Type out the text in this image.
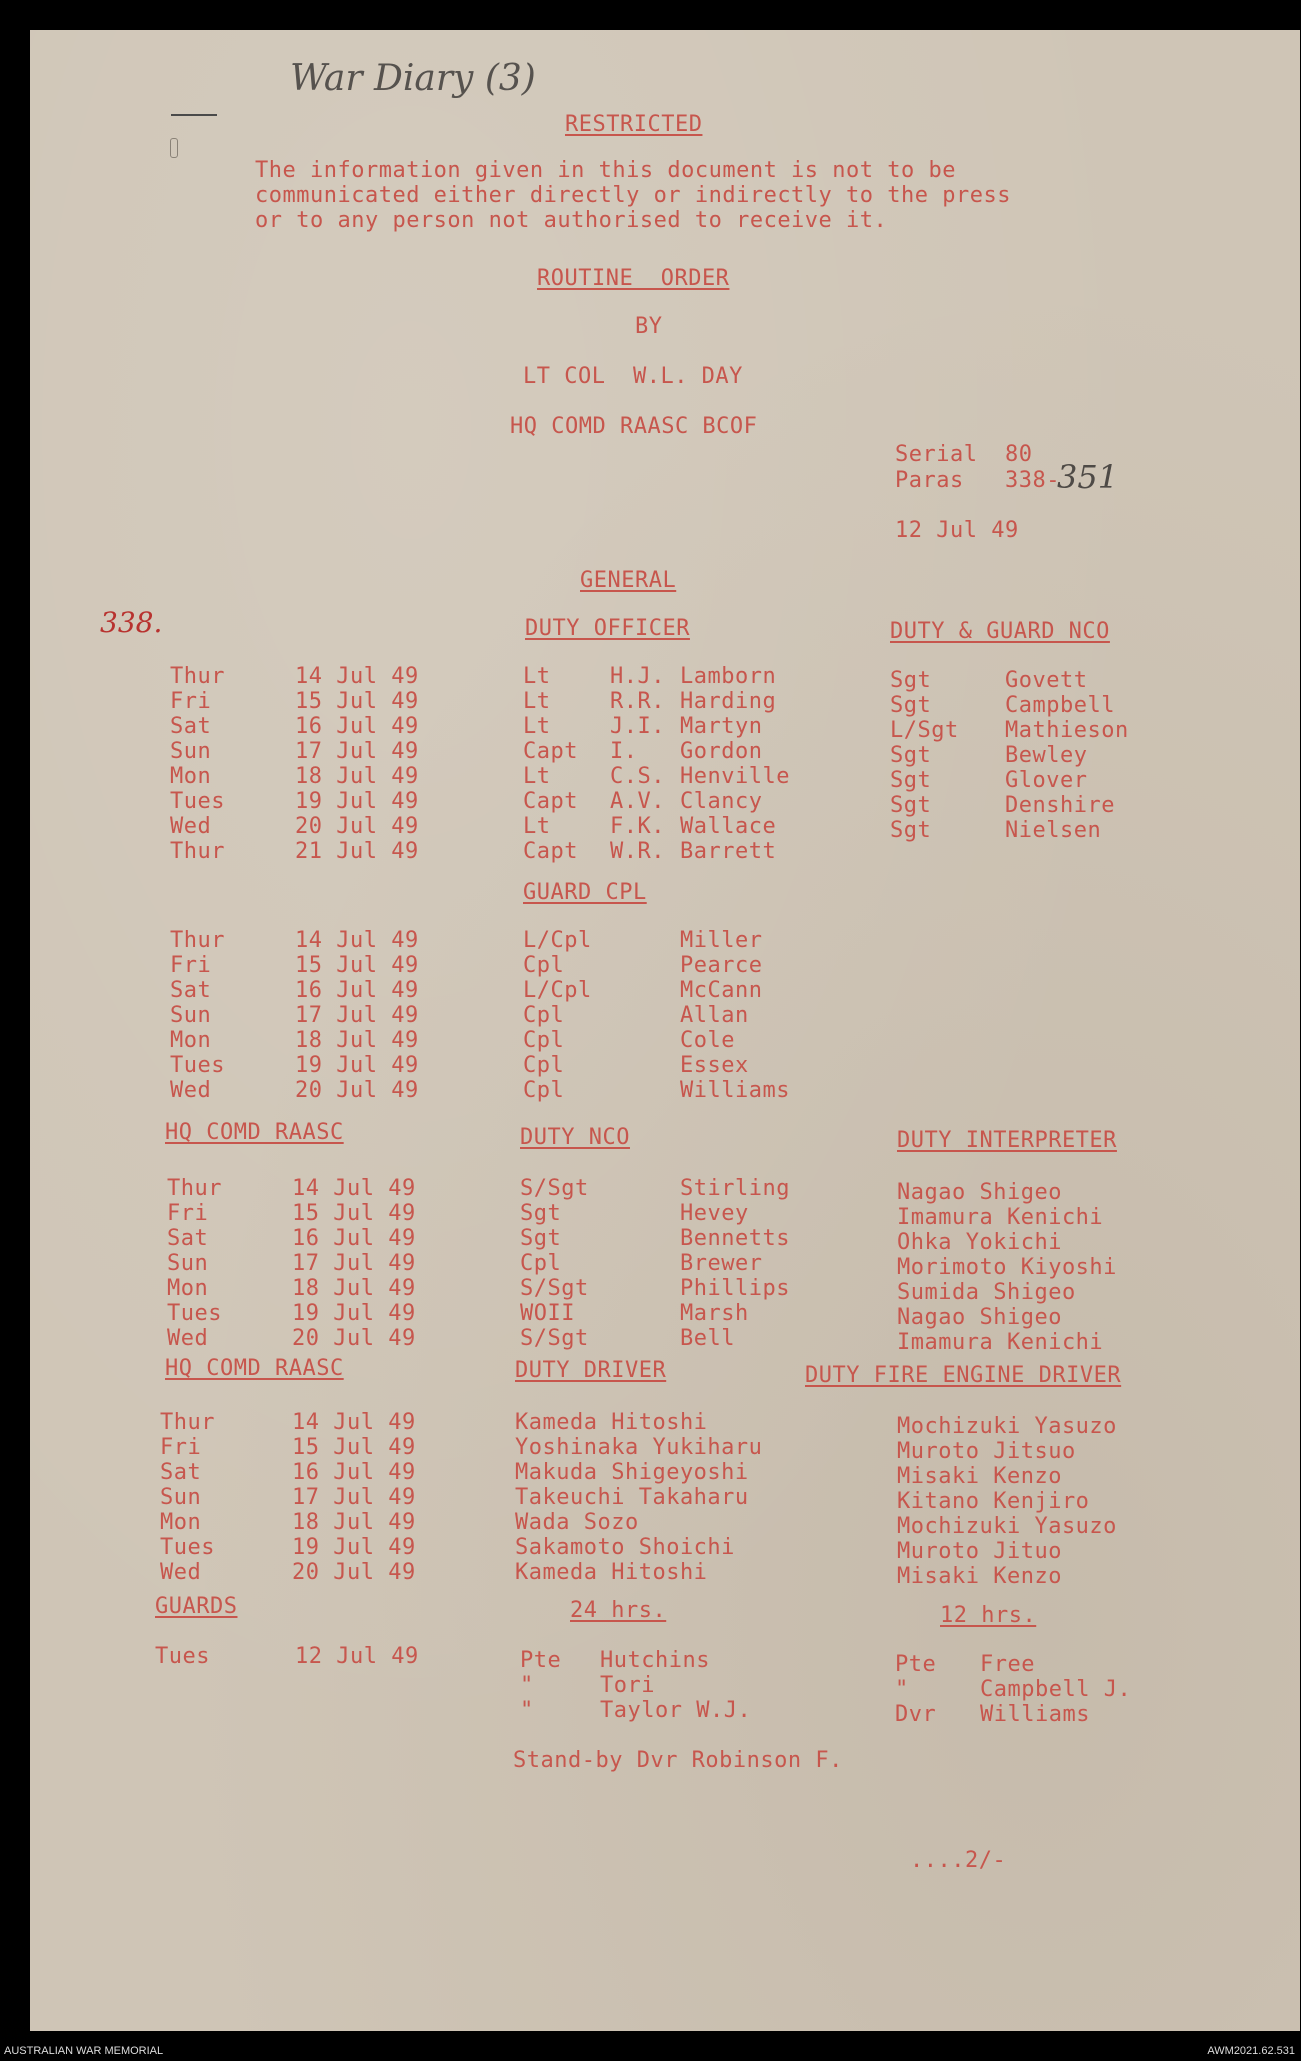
War Diary (3)
RESTRICTED
The information given in this document is not to be
communicated either directly or indirectly to the press
or to any person not authorised to receive it.
ROUTINE  ORDER
BY
LT COL  W.L. DAY
HQ COMD RAASC BCOF
Serial  80
Paras   338-
351
12 Jul 49
GENERAL
338.	DUTY OFFICER	DUTY & GUARD NCO
Thur	14 Jul 49	Lt	H.J. Lamborn	Sgt	Govett
Fri	15 Jul 49	Lt	R.R. Harding	Sgt	Campbell
Sat	16 Jul 49	Lt	J.I. Martyn	L/Sgt Mathieson
Sun	17 Jul 49	Capt I. Gordon	Sgt	Bewley
Mon	18 Jul 49	Lt	C.S. Henville	Sgt	Glover
Tues	19 Jul 49	Capt A.V. Clancy	Sgt	Denshire
Wed	20 Jul 49	Lt	F.K. Wallace	Sgt	Nielsen
Thur	21 Jul 49	Capt W.R. Barrett
GUARD CPL
Thur	14 Jul 49	L/Cpl	Miller
Fri	15 Jul 49	Cpl	Pearce
Sat	16 Jul 49	L/Cpl	McCann
Sun	17 Jul 49	Cpl	Allan
Mon	18 Jul 49	Cpl	Cole
Tues	19 Jul 49	Cpl	Essex
Wed	20 Jul 49	Cpl	Williams
HQ COMD RAASC	DUTY NCO	DUTY INTERPRETER
Thur	14 Jul 49	S/Sgt	Stirling	Nagao Shigeo
Fri	15 Jul 49	Sgt	Hevey	Imamura Kenichi
Sat	16 Jul 49	Sgt	Bennetts	Ohka Yokichi
Sun	17 Jul 49	Cpl	Brewer	Morimoto Kiyoshi
Mon	18 Jul 49	S/Sgt	Phillips	Sumida Shigeo
Tues	19 Jul 49	WOII	Marsh	Nagao Shigeo
Wed	20 Jul 49	S/Sgt	Bell	Imamura Kenichi
HQ COMD RAASC	DUTY DRIVER	DUTY FIRE ENGINE DRIVER
Thur	14 Jul 49	Kameda Hitoshi	Mochizuki Yasuzo
Fri	15 Jul 49	Yoshinaka Yukiharu	Muroto Jitsuo
Sat	16 Jul 49	Makuda Shigeyoshi	Misaki Kenzo
Sun	17 Jul 49	Takeuchi Takaharu	Kitano Kenjiro
Mon	18 Jul 49	Wada Sozo	Mochizuki Yasuzo
Tues	19 Jul 49	Sakamoto Shoichi	Muroto Jituo
Wed	20 Jul 49	Kameda Hitoshi	Misaki Kenzo
GUARDS	24 hrs.	12 hrs.
Tues	12 Jul 49	Pte Hutchins
"	Tori
"	Taylor W.J.
Pte Free
"	Campbell J.
Dvr Williams
Stand-by Dvr Robinson F.
....2/-
AUSTRALIAN WAR MEMORIAL	AWM2021.62.531
